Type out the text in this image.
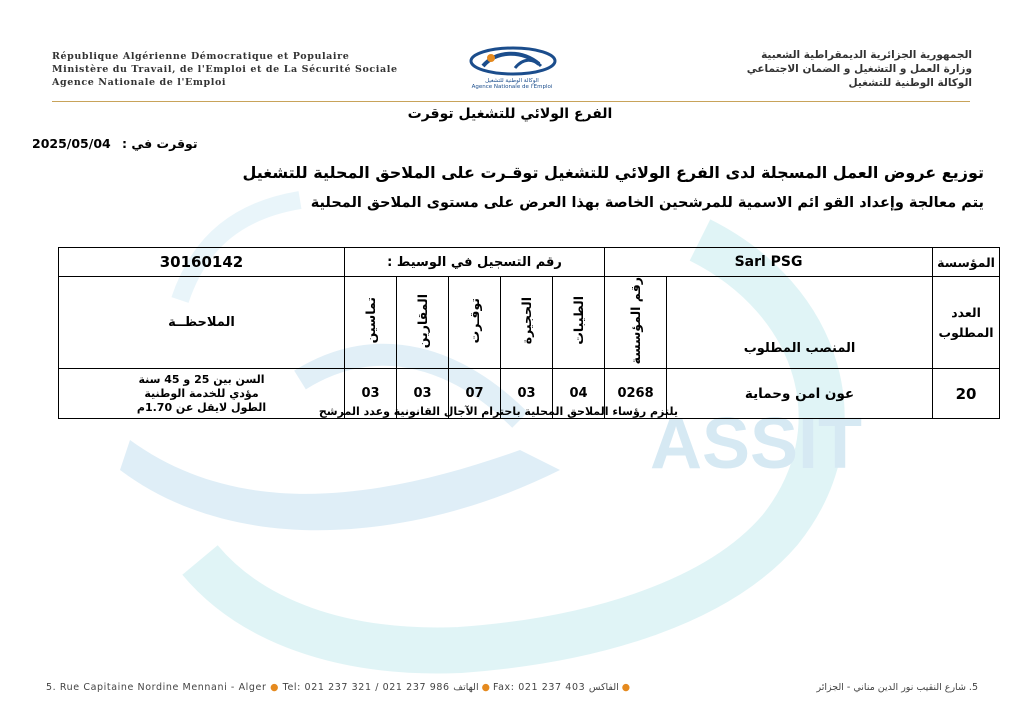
ASSIT
République Algérienne Démocratique et Populaire
Ministère du Travail, de l'Emploi et de La Sécurité Sociale
Agence Nationale de l'Emploi	الوكالة الوطنية للتشغيل
Agence Nationale de l'Emploi
الجمهورية الجزائرية الديمقراطية الشعبية
وزارة العمل و التشغيل و الضمان الاجتماعي
الوكالة الوطنية للتشغيل
الفرع الولائي للتشغيل توقرت
2025/05/04 توقرت في :
توزيع عروض العمل المسجلة لدى الفرع الولائي للتشغيل توقـرت على الملاحق المحلية للتشغيل
يتم معالجة وإعداد القو ائم الاسمية للمرشحين الخاصة بهذا العرض على مستوى الملاحق المحلية
30160142	رقم التسجيل في الوسيط :					Sarl PSG		المؤسسة
الملاحظــة	تماسين	المقارين	توقـرت	الحجيرة	الطيبات	رقم المؤسسة	المنصب المطلوب	العدد المطلوب

السن بين 25 و 45 سنة
مؤدي للخدمة الوطنية
الطول لايقل عن 1.70م	03	03	07	03	04	0268	عون امن وحماية	20
يلتزم رؤساء الملاحق المحلية باحترام الآجال القانونية وعدد المرشح
5. Rue Capitaine Nordine Mennani - Alger ● Tel: 021 237 321 / 021 237 986 الهاتف ● Fax: 021 237 403 الفاكس ●	5. شارع النقيب نور الدين مناني - الجزائر
